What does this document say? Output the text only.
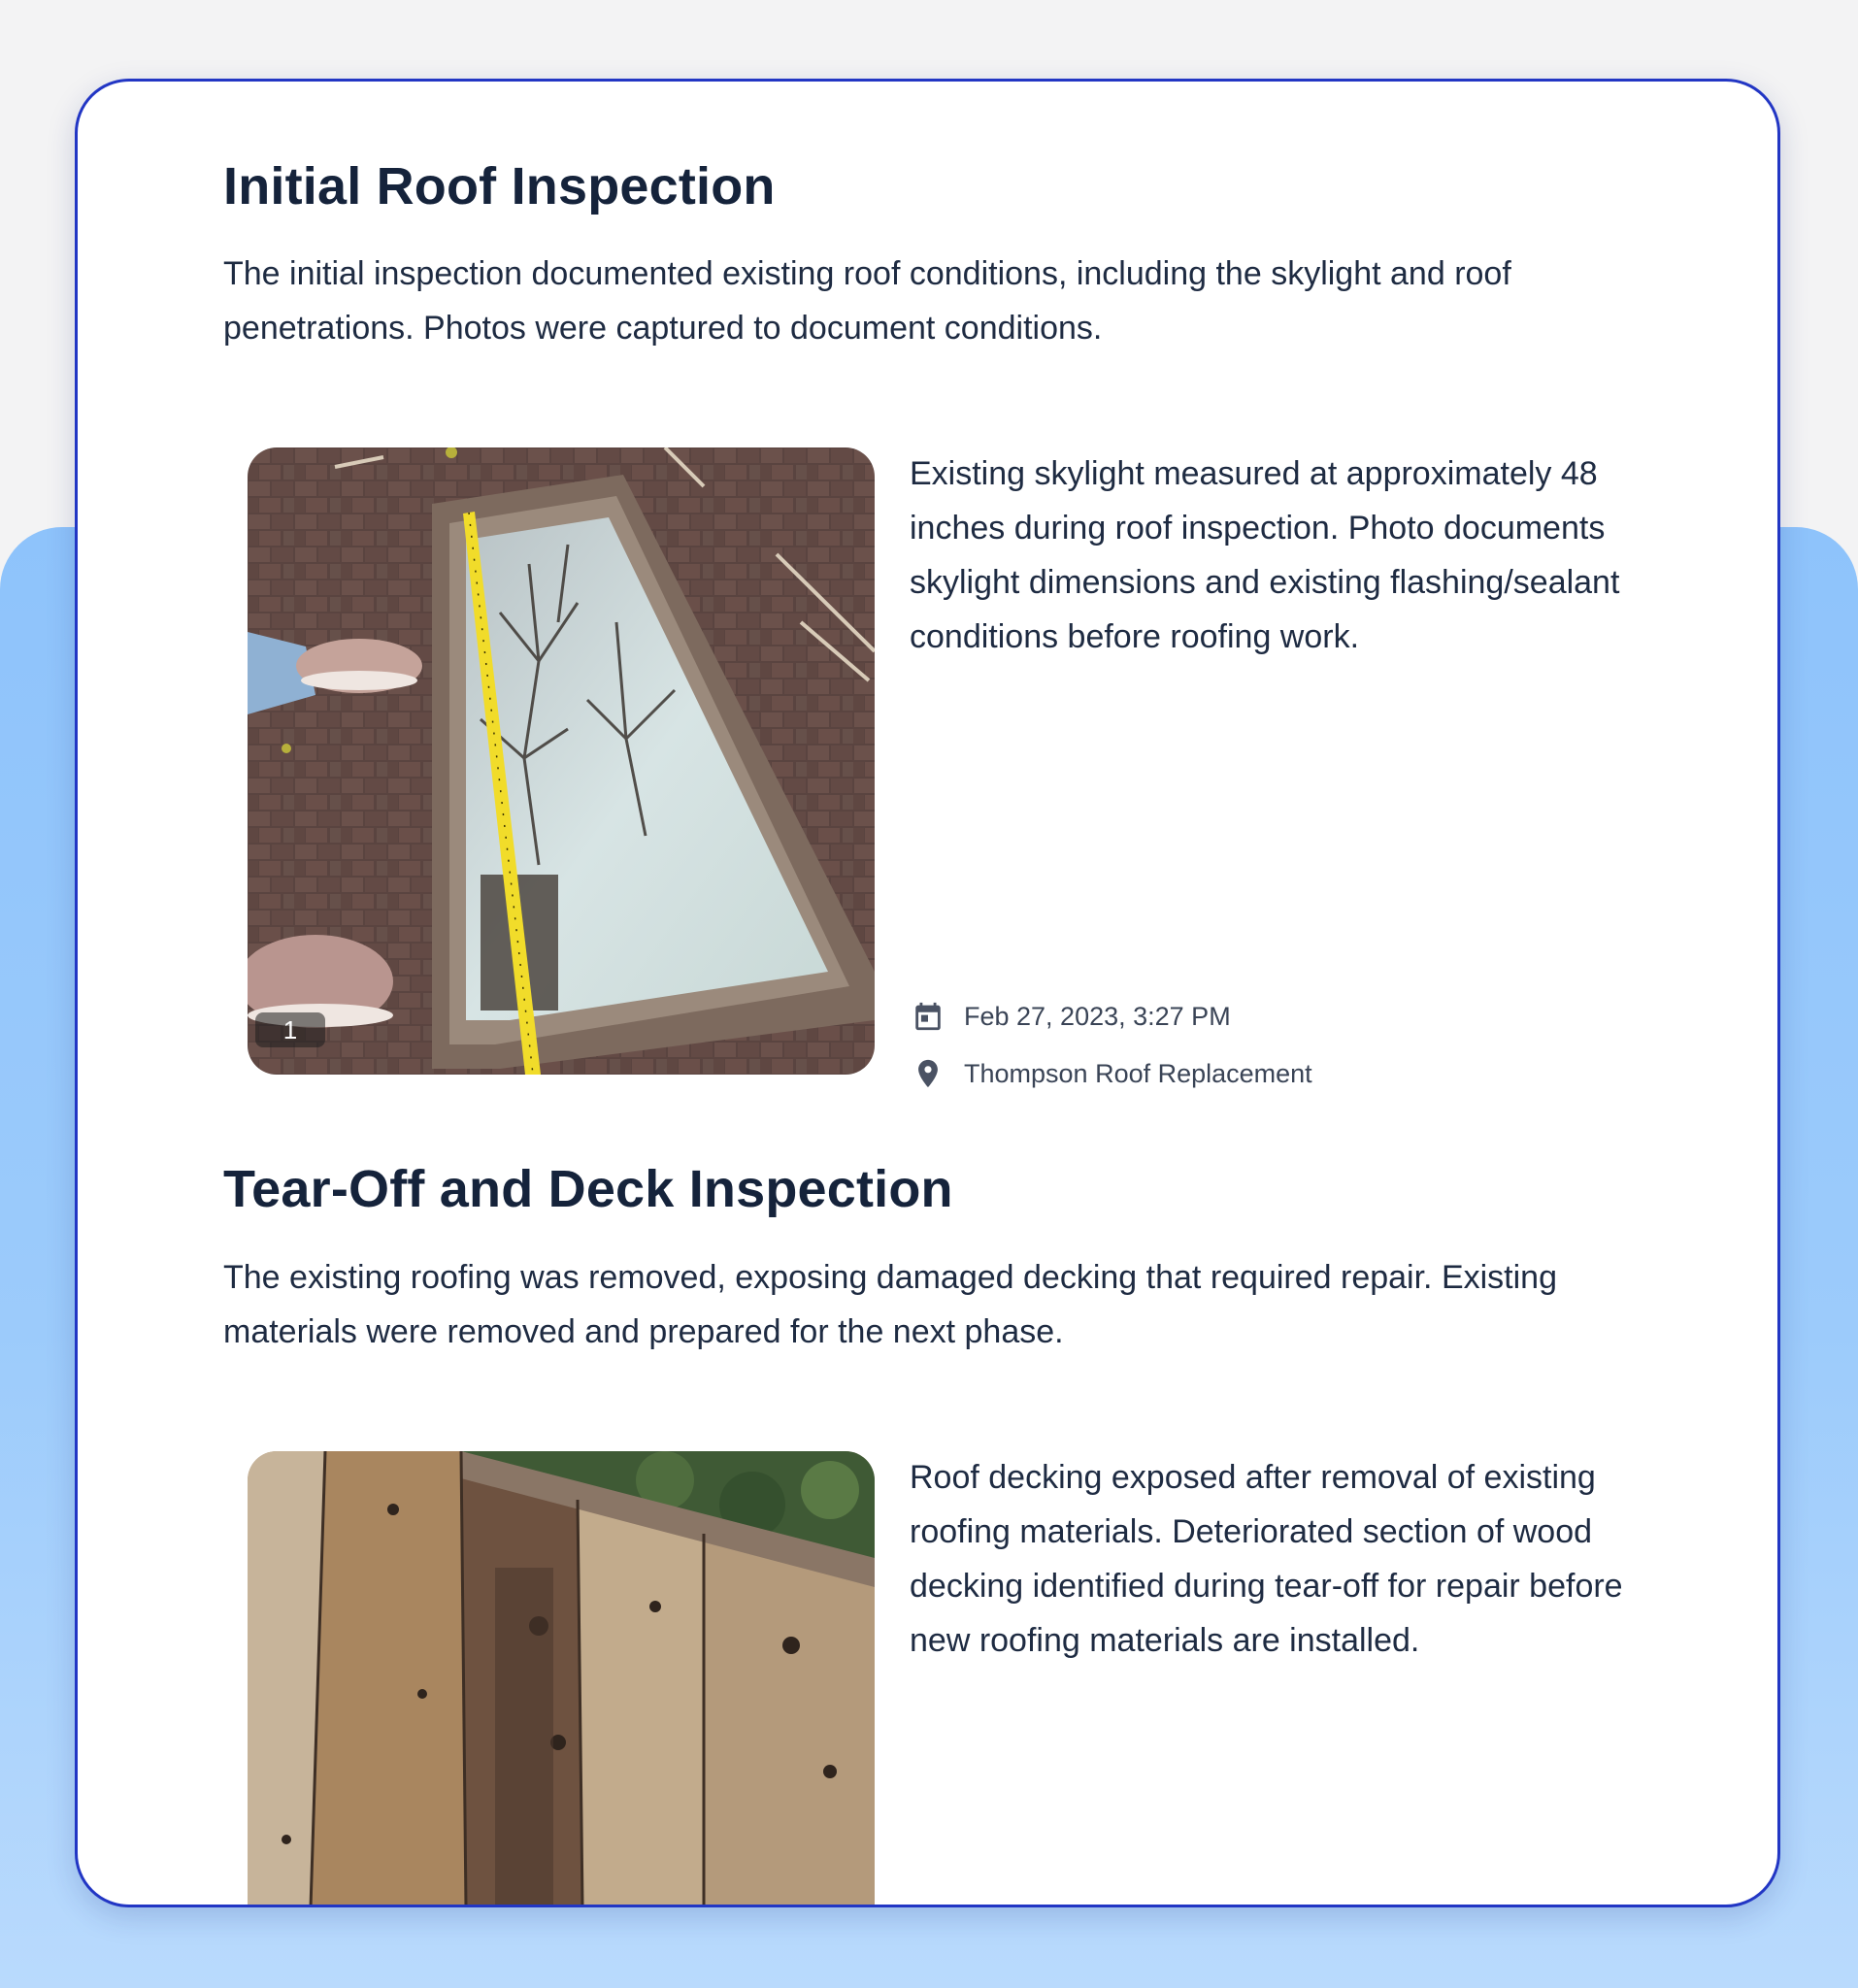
Initial Roof Inspection

The initial inspection documented existing roof conditions, including the skylight and roof penetrations. Photos were captured to document conditions.

1

Existing skylight measured at approximately 48 inches during roof inspection. Photo documents skylight dimensions and existing flashing/sealant conditions before roofing work.

Feb 27, 2023, 3:27 PM
Thompson Roof Replacement
Tear-Off and Deck Inspection

The existing roofing was removed, exposing damaged decking that required repair. Existing materials were removed and prepared for the next phase.

Roof decking exposed after removal of existing roofing materials. Deteriorated section of wood decking identified during tear-off for repair before new roofing materials are installed.
